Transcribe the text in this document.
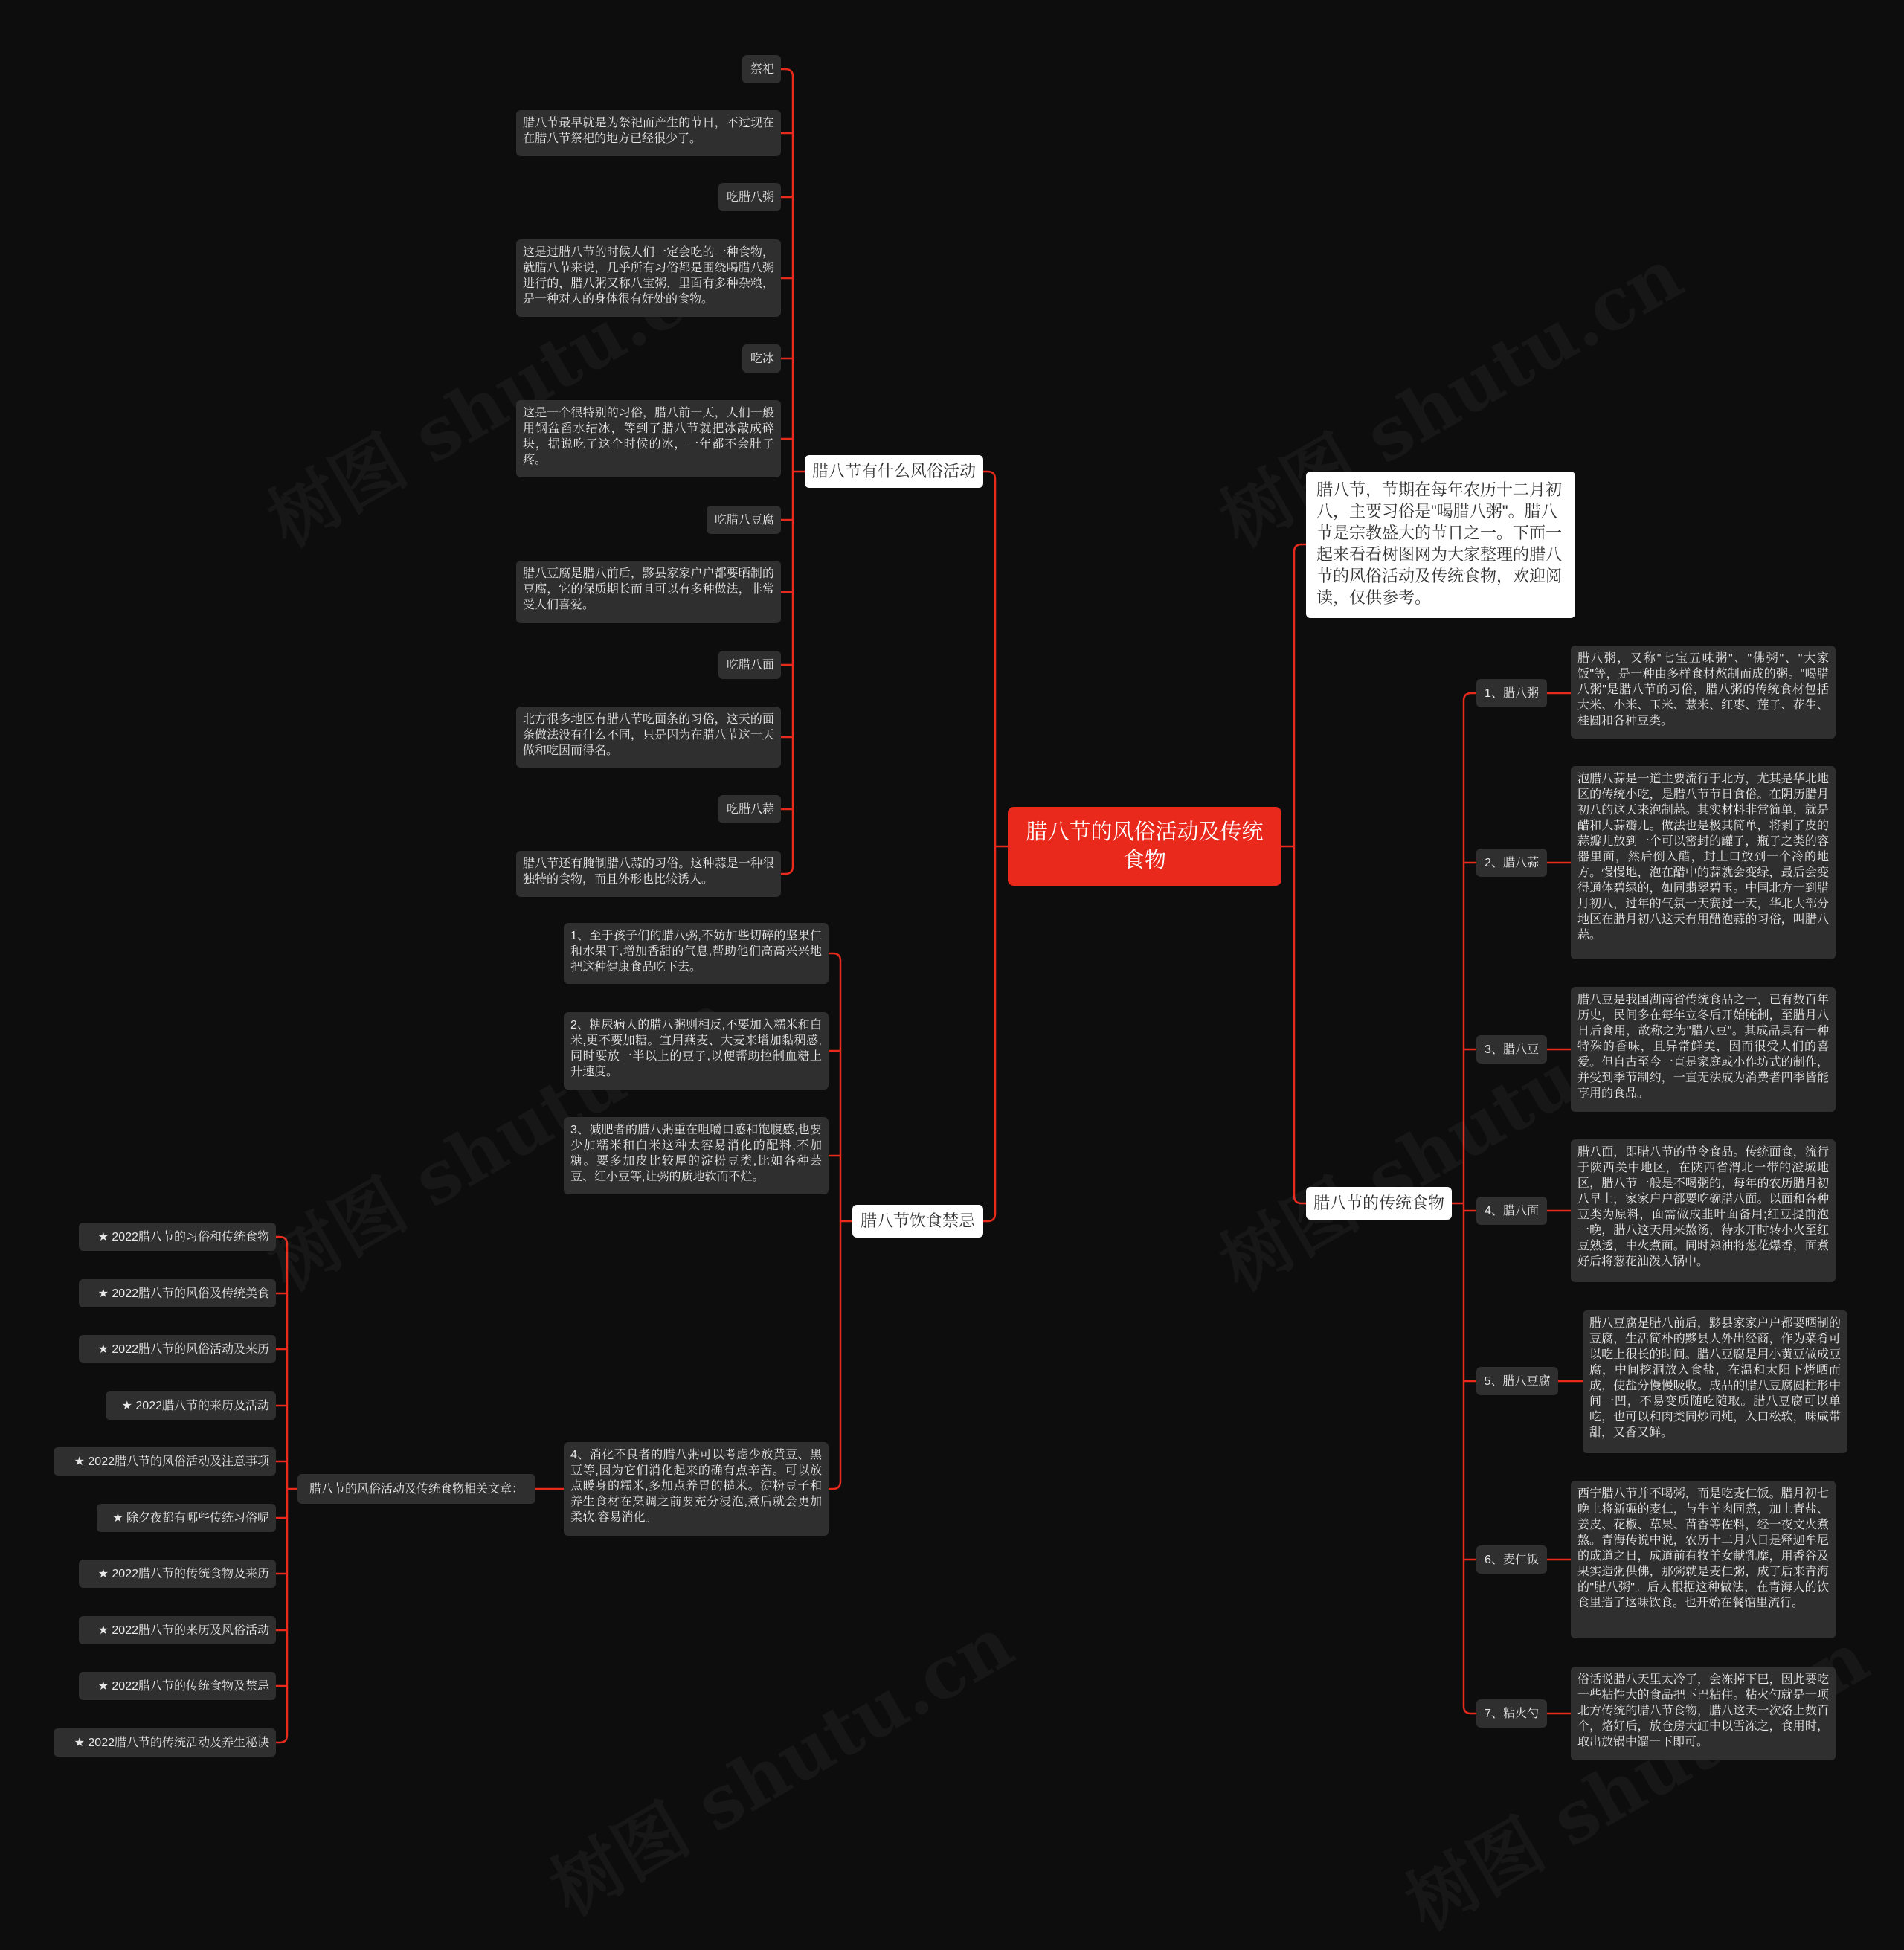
腊八节的风俗活动及传统食物
腊八节，节期在每年农历十二月初八，主要习俗是"喝腊八粥"。腊八节是宗教盛大的节日之一。下面一起来看看树图网为大家整理的腊八节的风俗活动及传统食物，欢迎阅读，仅供参考。
腊八节有什么风俗活动
祭祀
腊八节最早就是为祭祀而产生的节日，不过现在在腊八节祭祀的地方已经很少了。
吃腊八粥
这是过腊八节的时候人们一定会吃的一种食物，就腊八节来说，几乎所有习俗都是围绕喝腊八粥进行的，腊八粥又称八宝粥，里面有多种杂粮，是一种对人的身体很有好处的食物。
吃冰
这是一个很特别的习俗，腊八前一天，人们一般用钢盆舀水结冰，等到了腊八节就把冰敲成碎块，据说吃了这个时候的冰，一年都不会肚子疼。
吃腊八豆腐
腊八豆腐是腊八前后，黟县家家户户都要晒制的豆腐，它的保质期长而且可以有多种做法，非常受人们喜爱。
吃腊八面
北方很多地区有腊八节吃面条的习俗，这天的面条做法没有什么不同，只是因为在腊八节这一天做和吃因而得名。
吃腊八蒜
腊八节还有腌制腊八蒜的习俗。这种蒜是一种很独特的食物，而且外形也比较诱人。
腊八节饮食禁忌
1、至于孩子们的腊八粥,不妨加些切碎的坚果仁和水果干,增加香甜的气息,帮助他们高高兴兴地把这种健康食品吃下去。
2、糖尿病人的腊八粥则相反,不要加入糯米和白米,更不要加糖。宜用燕麦、大麦来增加黏稠感,同时要放一半以上的豆子,以便帮助控制血糖上升速度。
3、减肥者的腊八粥重在咀嚼口感和饱腹感,也要少加糯米和白米这种太容易消化的配料,不加糖。要多加皮比较厚的淀粉豆类,比如各种芸豆、红小豆等,让粥的质地软而不烂。
4、消化不良者的腊八粥可以考虑少放黄豆、黑豆等,因为它们消化起来的确有点辛苦。可以放点暖身的糯米,多加点养胃的糙米。淀粉豆子和养生食材在烹调之前要充分浸泡,煮后就会更加柔软,容易消化。
腊八节的风俗活动及传统食物相关文章：
★ 2022腊八节的习俗和传统食物
★ 2022腊八节的风俗及传统美食
★ 2022腊八节的风俗活动及来历
★ 2022腊八节的来历及活动
★ 2022腊八节的风俗活动及注意事项
★ 除夕夜都有哪些传统习俗呢
★ 2022腊八节的传统食物及来历
★ 2022腊八节的来历及风俗活动
★ 2022腊八节的传统食物及禁忌
★ 2022腊八节的传统活动及养生秘诀
腊八节的传统食物
1、腊八粥
腊八粥，又称"七宝五味粥"、"佛粥"、"大家饭"等，是一种由多样食材熬制而成的粥。"喝腊八粥"是腊八节的习俗，腊八粥的传统食材包括大米、小米、玉米、薏米、红枣、莲子、花生、桂圆和各种豆类。
2、腊八蒜
泡腊八蒜是一道主要流行于北方，尤其是华北地区的传统小吃，是腊八节节日食俗。在阴历腊月初八的这天来泡制蒜。其实材料非常简单，就是醋和大蒜瓣儿。做法也是极其简单，将剥了皮的蒜瓣儿放到一个可以密封的罐子，瓶子之类的容器里面，然后倒入醋，封上口放到一个冷的地方。慢慢地，泡在醋中的蒜就会变绿，最后会变得通体碧绿的，如同翡翠碧玉。中国北方一到腊月初八，过年的气氛一天赛过一天，华北大部分地区在腊月初八这天有用醋泡蒜的习俗，叫腊八蒜。
3、腊八豆
腊八豆是我国湖南省传统食品之一，已有数百年历史，民间多在每年立冬后开始腌制，至腊月八日后食用，故称之为"腊八豆"。其成品具有一种特殊的香味，且异常鲜美，因而很受人们的喜爱。但自古至今一直是家庭或小作坊式的制作，并受到季节制约，一直无法成为消费者四季皆能享用的食品。
4、腊八面
腊八面，即腊八节的节令食品。传统面食，流行于陕西关中地区，在陕西省渭北一带的澄城地区，腊八节一般是不喝粥的，每年的农历腊月初八早上，家家户户都要吃碗腊八面。以面和各种豆类为原料，面需做成韭叶面备用;红豆提前泡一晚，腊八这天用来熬汤，待水开时转小火至红豆熟透，中火煮面。同时熟油将葱花爆香，面煮好后将葱花油泼入锅中。
5、腊八豆腐
腊八豆腐是腊八前后，黟县家家户户都要晒制的豆腐，生活简朴的黟县人外出经商，作为菜肴可以吃上很长的时间。腊八豆腐是用小黄豆做成豆腐，中间挖洞放入食盐，在温和太阳下烤晒而成，使盐分慢慢吸收。成品的腊八豆腐圆柱形中间一凹，不易变质随吃随取。腊八豆腐可以单吃，也可以和肉类同炒同炖，入口松软，味咸带甜，又香又鲜。
6、麦仁饭
西宁腊八节并不喝粥，而是吃麦仁饭。腊月初七晚上将新碾的麦仁，与牛羊肉同煮，加上青盐、姜皮、花椒、草果、苗香等佐料，经一夜文火煮熬。青海传说中说，农历十二月八日是释迦牟尼的成道之日，成道前有牧羊女献乳糜，用香谷及果实造粥供佛，那粥就是麦仁粥，成了后来青海的"腊八粥"。后人根据这种做法，在青海人的饮食里造了这味饮食。也开始在餐馆里流行。
7、粘火勺
俗话说腊八天里太冷了，会冻掉下巴，因此要吃一些粘性大的食品把下巴粘住。粘火勺就是一项北方传统的腊八节食物，腊八这天一次烙上数百个，烙好后，放仓房大缸中以雪冻之，食用时，取出放锅中馏一下即可。
